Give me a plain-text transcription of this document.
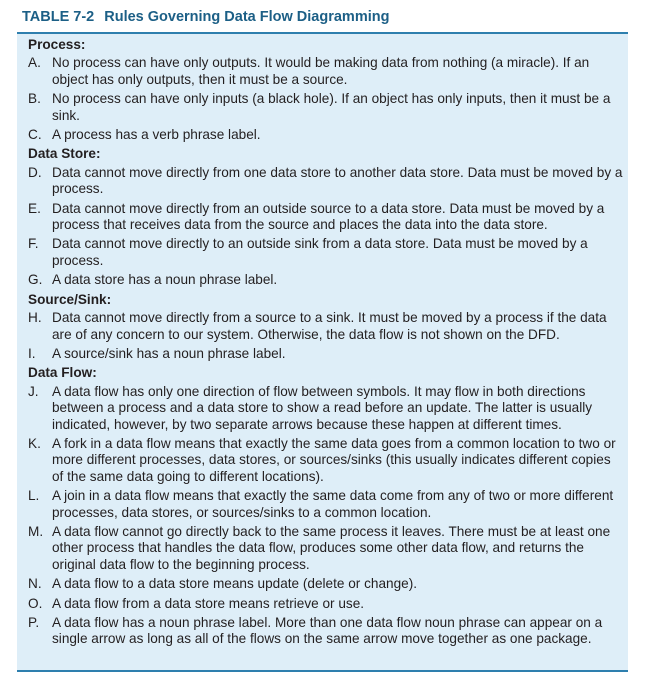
TABLE 7-2 Rules Governing Data Flow Diagramming
Process:
A. No process can have only outputs. It would be making data from nothing (a miracle). If an object has only outputs, then it must be a source.
B. No process can have only inputs (a black hole). If an object has only inputs, then it must be a sink.
C. A process has a verb phrase label.
Data Store:
D. Data cannot move directly from one data store to another data store. Data must be moved by a process.
E. Data cannot move directly from an outside source to a data store. Data must be moved by a process that receives data from the source and places the data into the data store.
F. Data cannot move directly to an outside sink from a data store. Data must be moved by a process.
G. A data store has a noun phrase label.
Source/Sink:
H. Data cannot move directly from a source to a sink. It must be moved by a process if the data are of any concern to our system. Otherwise, the data flow is not shown on the DFD.
I. A source/sink has a noun phrase label.
Data Flow:
J. A data flow has only one direction of flow between symbols. It may flow in both directions between a process and a data store to show a read before an update. The latter is usually indicated, however, by two separate arrows because these happen at different times.
K. A fork in a data flow means that exactly the same data goes from a common location to two or more different processes, data stores, or sources/sinks (this usually indicates different copies of the same data going to different locations).
L. A join in a data flow means that exactly the same data come from any of two or more different processes, data stores, or sources/sinks to a common location.
M. A data flow cannot go directly back to the same process it leaves. There must be at least one other process that handles the data flow, produces some other data flow, and returns the original data flow to the beginning process.
N. A data flow to a data store means update (delete or change).
O. A data flow from a data store means retrieve or use.
P. A data flow has a noun phrase label. More than one data flow noun phrase can appear on a single arrow as long as all of the flows on the same arrow move together as one package.
